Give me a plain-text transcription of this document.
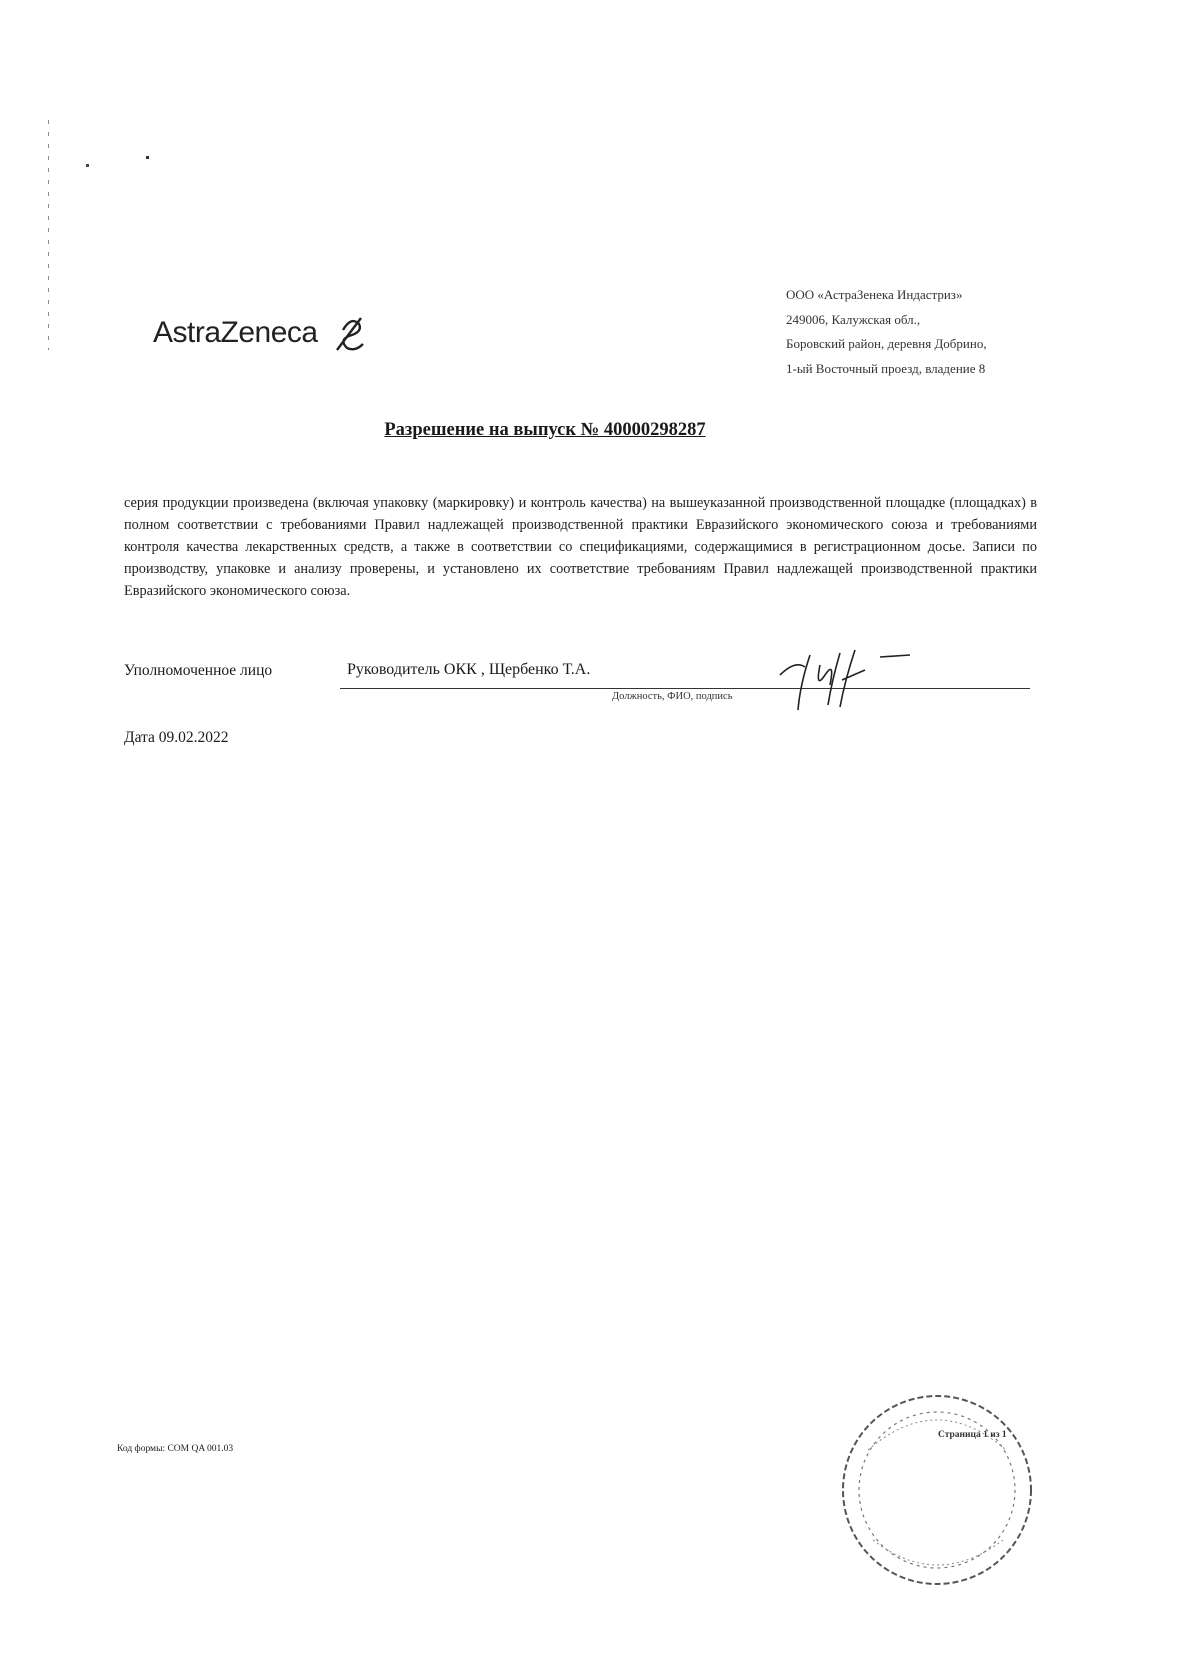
AstraZeneca
ООО «АстраЗенека Индастриз»
249006, Калужская обл.,
Боровский район, деревня Добрино,
1-ый Восточный проезд, владение 8
Разрешение на выпуск № 40000298287
серия продукции произведена (включая упаковку (маркировку) и контроль качества) на вышеуказанной производственной площадке (площадках) в полном соответствии с требованиями Правил надлежащей производственной практики Евразийского экономического союза и требованиями контроля качества лекарственных средств, а также в соответствии со спецификациями, содержащимися в регистрационном досье. Записи по производству, упаковке и анализу проверены, и установлено их соответствие требованиям Правил надлежащей производственной практики Евразийского экономического союза.
Уполномоченное лицо	Руководитель ОКК , Щербенко Т.А.
Должность, ФИО, подпись
Дата 09.02.2022
Код формы: СОМ QA 001.03
Страница 1 из 1
